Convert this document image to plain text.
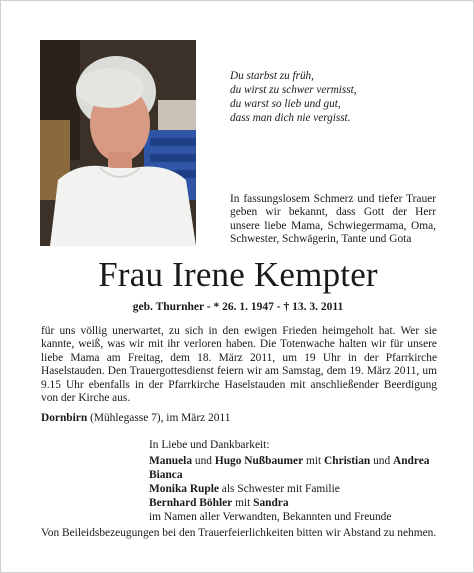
Du starbst zu früh,
du wirst zu schwer vermisst,
du warst so lieb und gut,
dass man dich nie vergisst.
In fassungslosem Schmerz und tiefer Trauer geben wir bekannt, dass Gott der Herr unsere liebe Mama, Schwiegermama, Oma, Schwester, Schwägerin, Tante und Gota
Frau Irene Kempter
geb. Thurnher - * 26. 1. 1947 - † 13. 3. 2011
für uns völlig unerwartet, zu sich in den ewigen Frieden heimgeholt hat. Wer sie kannte, weiß, was wir mit ihr verloren haben. Die Totenwache halten wir für unsere liebe Mama am Freitag, dem 18. März 2011, um 19 Uhr in der Pfarrkirche Haselstauden. Den Trauergottesdienst feiern wir am Samstag, dem 19. März 2011, um 9.15 Uhr ebenfalls in der Pfarrkirche Haselstauden mit anschließender Beerdigung von der Kirche aus.
Dornbirn (Mühlegasse 7), im März 2011
In Liebe und Dankbarkeit:
Manuela und Hugo Nußbaumer mit Christian und Andrea
Bianca
Monika Ruple als Schwester mit Familie
Bernhard Böhler mit Sandra
im Namen aller Verwandten, Bekannten und Freunde
Von Beileidsbezeugungen bei den Trauerfeierlichkeiten bitten wir Abstand zu nehmen.
